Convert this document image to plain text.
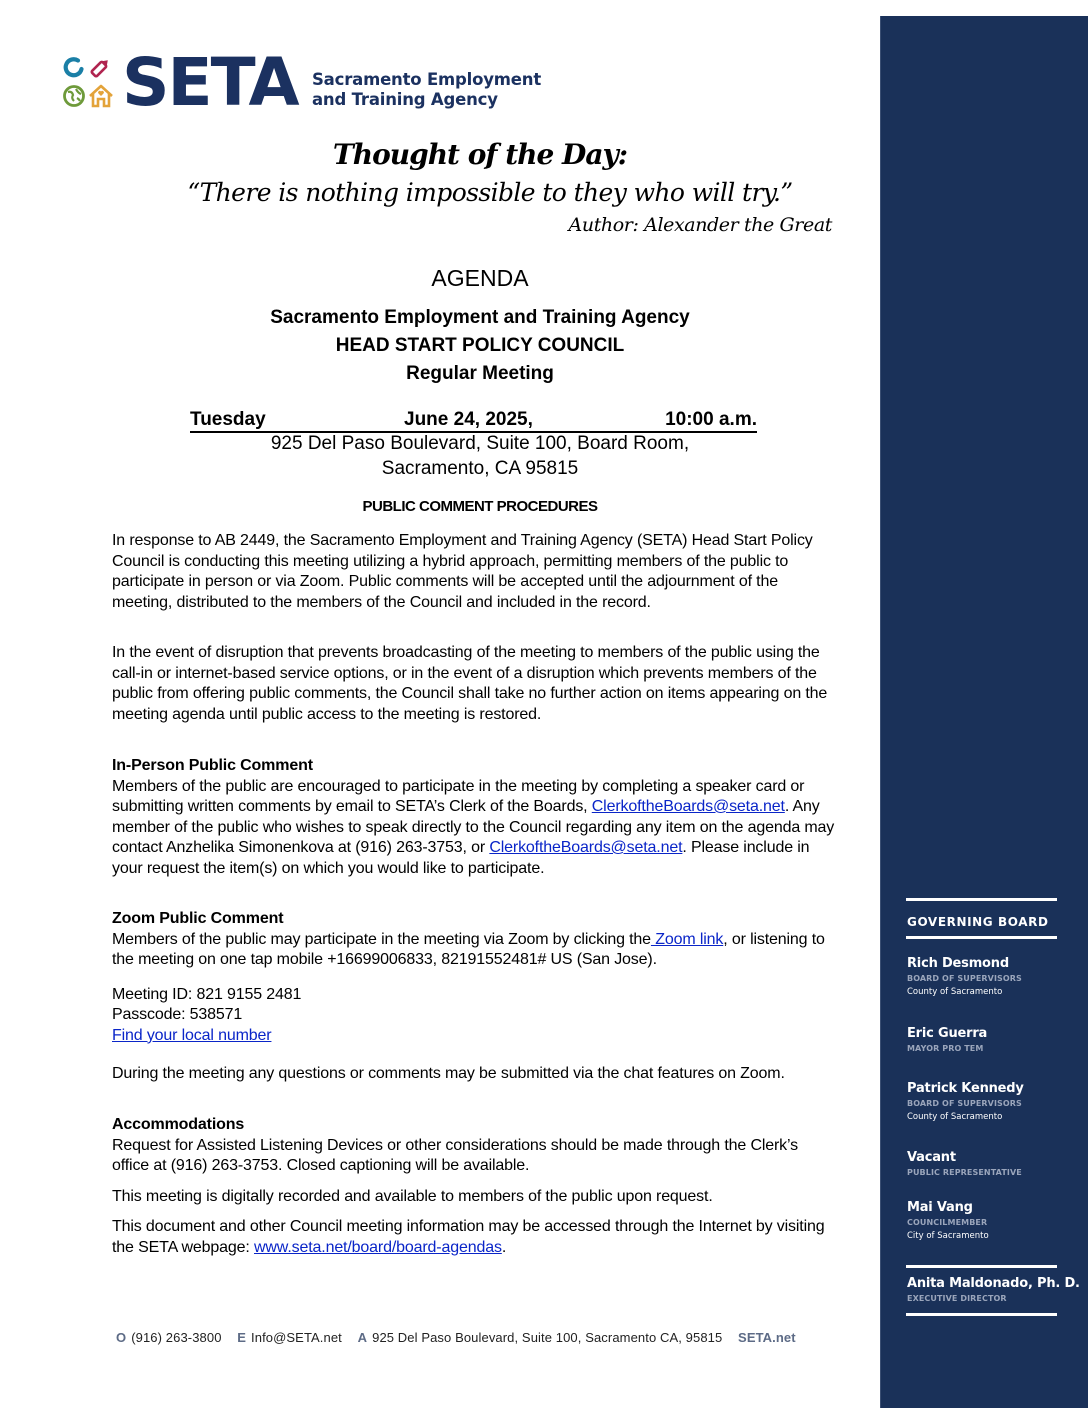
SETA Sacramento Employment
and Training Agency
Thought of the Day:
“There is nothing impossible to they who will try.”
Author: Alexander the Great
AGENDA
Sacramento Employment and Training Agency
HEAD START POLICY COUNCIL
Regular Meeting
Tuesday	June 24, 2025,	10:00 a.m.
925 Del Paso Boulevard, Suite 100, Board Room,
Sacramento, CA 95815
PUBLIC COMMENT PROCEDURES

In response to AB 2449, the Sacramento Employment and Training Agency (SETA) Head Start Policy Council is conducting this meeting utilizing a hybrid approach, permitting members of the public to participate in person or via Zoom. Public comments will be accepted until the adjournment of the meeting, distributed to the members of the Council and included in the record.

In the event of disruption that prevents broadcasting of the meeting to members of the public using the call-in or internet-based service options, or in the event of a disruption which prevents members of the public from offering public comments, the Council shall take no further action on items appearing on the meeting agenda until public access to the meeting is restored.

In-Person Public Comment

Members of the public are encouraged to participate in the meeting by completing a speaker card or submitting written comments by email to SETA’s Clerk of the Boards, ClerkoftheBoards@seta.net. Any member of the public who wishes to speak directly to the Council regarding any item on the agenda may contact Anzhelika Simonenkova at (916) 263-3753, or ClerkoftheBoards@seta.net. Please include in your request the item(s) on which you would like to participate.

Zoom Public Comment

Members of the public may participate in the meeting via Zoom by clicking the Zoom link, or listening to the meeting on one tap mobile +16699006833, 82191552481# US (San Jose).

Meeting ID: 821 9155 2481

Passcode: 538571

Find your local number

During the meeting any questions or comments may be submitted via the chat features on Zoom.

Accommodations

Request for Assisted Listening Devices or other considerations should be made through the Clerk’s office at (916) 263-3753. Closed captioning will be available.

This meeting is digitally recorded and available to members of the public upon request.

This document and other Council meeting information may be accessed through the Internet by visiting the SETA webpage: www.seta.net/board/board-agendas.

O (916) 263-3800 E Info@SETA.net A 925 Del Paso Boulevard, Suite 100, Sacramento CA, 95815 SETA.net
GOVERNING BOARD
Rich Desmond
BOARD OF SUPERVISORS
County of Sacramento
Eric Guerra
MAYOR PRO TEM
Patrick Kennedy
BOARD OF SUPERVISORS
County of Sacramento
Vacant
PUBLIC REPRESENTATIVE
Mai Vang
COUNCILMEMBER
City of Sacramento
Anita Maldonado, Ph. D.
EXECUTIVE DIRECTOR
